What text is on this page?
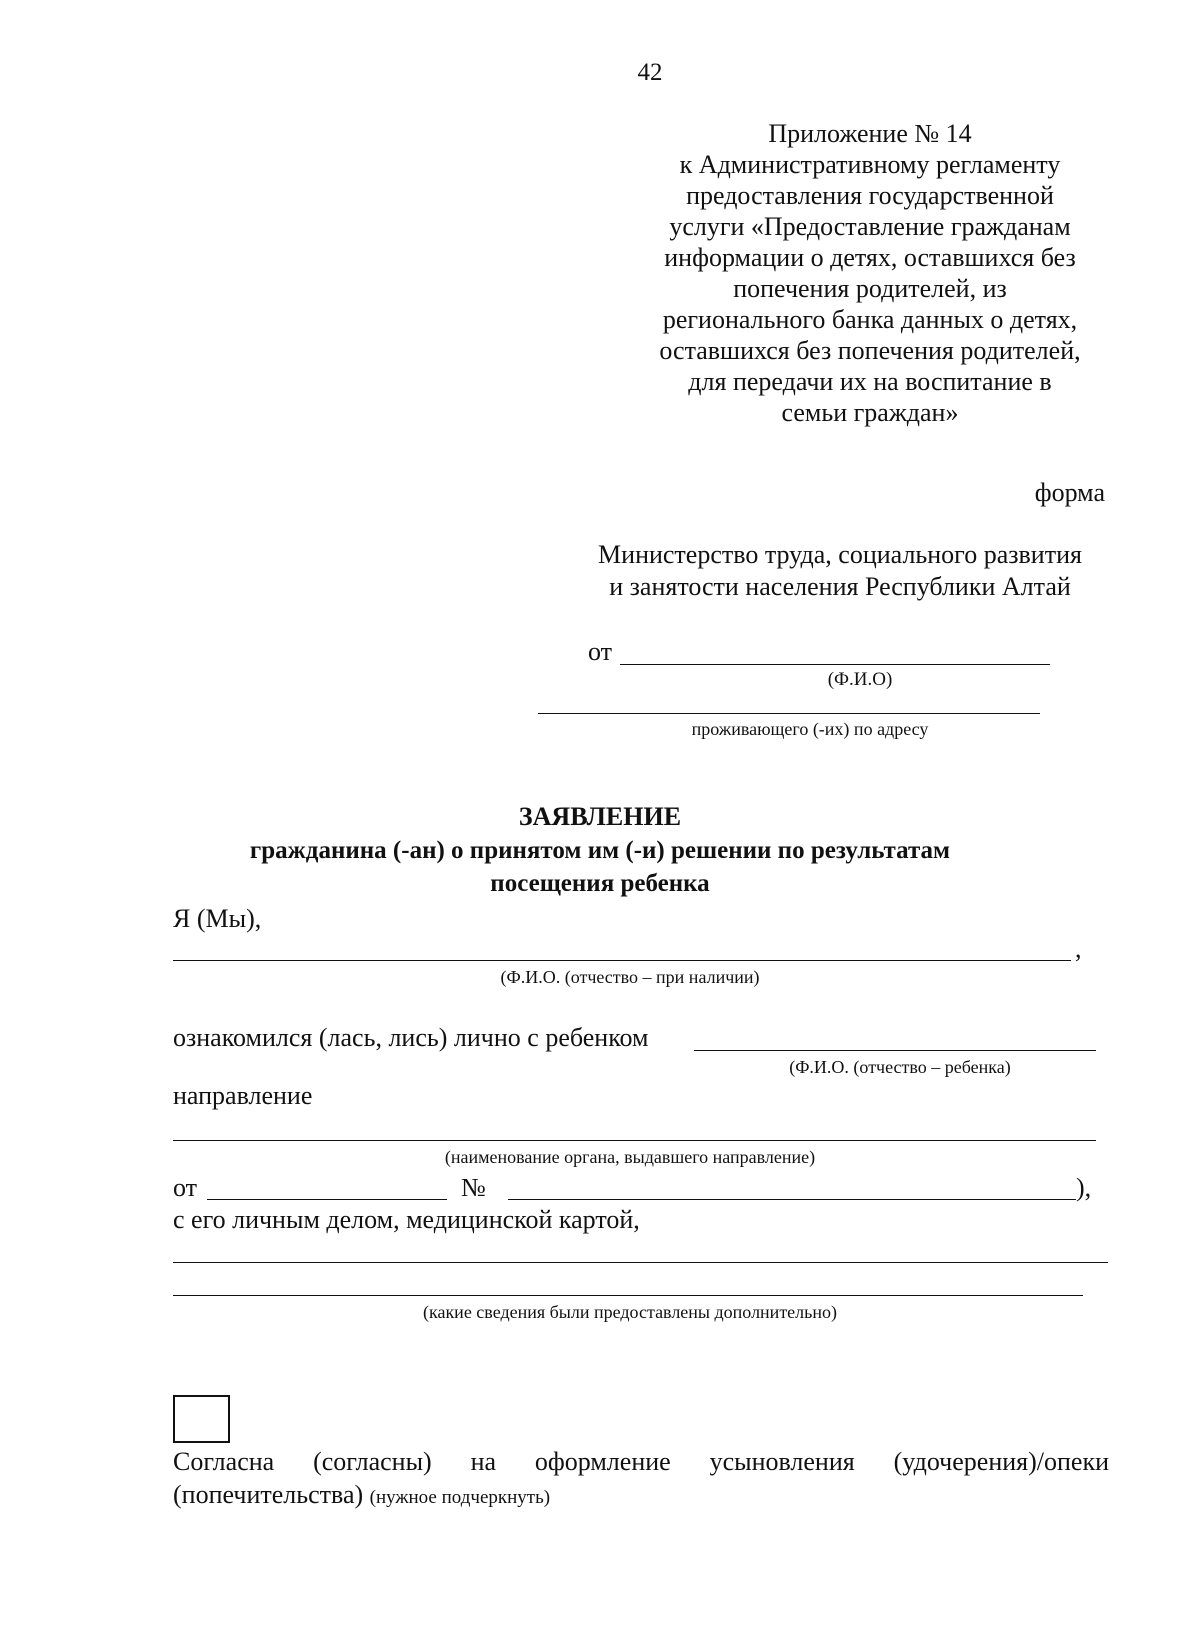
42
Приложение № 14
к Административному регламенту
предоставления государственной
услуги «Предоставление гражданам
информации о детях, оставшихся без
попечения родителей, из
регионального банка данных о детях,
оставшихся без попечения родителей,
для передачи их на воспитание в
семьи граждан»
форма
Министерство труда, социального развития
и занятости населения Республики Алтай
от
(Ф.И.О)
проживающего (-их) по адресу
ЗАЯВЛЕНИЕ
гражданина (-ан) о принятом им (-и) решении по результатам
посещения ребенка
Я (Мы),
,
(Ф.И.О. (отчество – при наличии)
ознакомился (лась, лись) лично с ребенком
(Ф.И.О. (отчество – ребенка)
направление
(наименование органа, выдавшего направление)
от	№	),
с его личным делом, медицинской картой,
(какие сведения были предоставлены дополнительно)
Согласна (согласны) на оформление усыновления (удочерения)/опеки
(попечительства) (нужное подчеркнуть)
